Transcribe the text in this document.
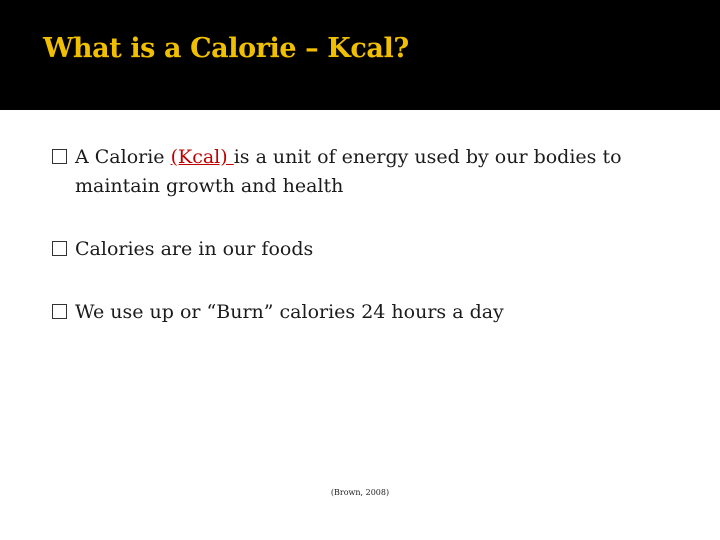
What is a Calorie – Kcal?
A Calorie (Kcal) is a unit of energy used by our bodies to maintain growth and health
Calories are in our foods
We use up or “Burn” calories 24 hours a day
(Brown, 2008)
